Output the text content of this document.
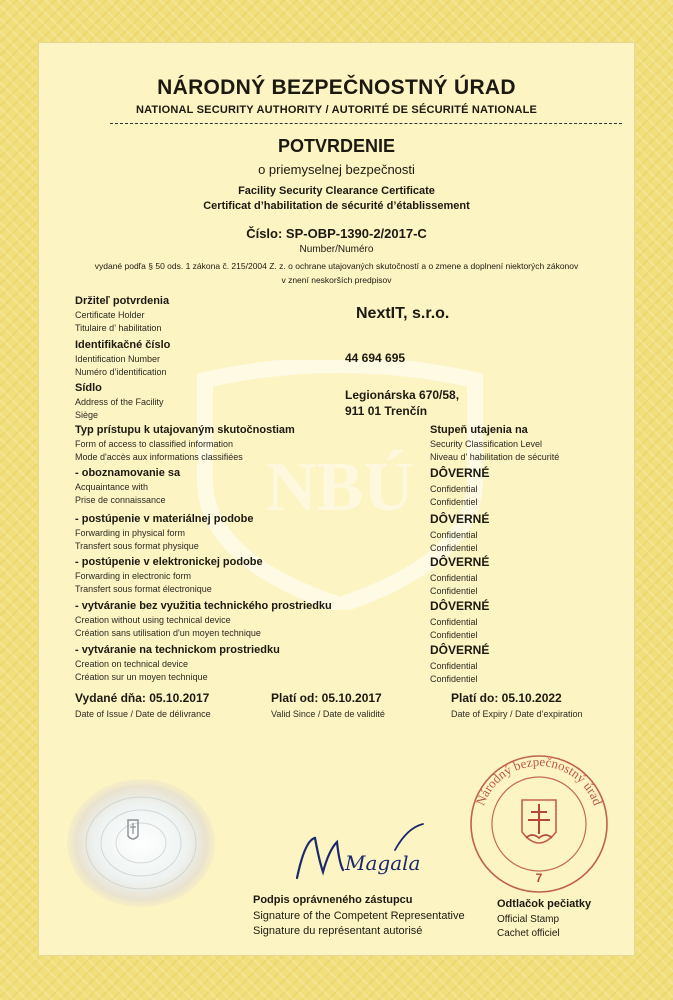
NBÚ
NÁRODNÝ BEZPEČNOSTNÝ ÚRAD
NATIONAL SECURITY AUTHORITY / AUTORITÉ DE SÉCURITÉ NATIONALE
POTVRDENIE
o priemyselnej bezpečnosti
Facility Security Clearance Certificate
Certificat d’habilitation de sécurité d’établissement
Číslo: SP-OBP-1390-2/2017-C
Number/Numéro
vydané podľa § 50 ods. 1 zákona č. 215/2004 Z. z. o ochrane utajovaných skutočností a o zmene a doplnení niektorých zákonov
v znení neskorších predpisov
Držiteľ potvrdenia
Certificate Holder
Titulaire d’ habilitation
NextIT, s.r.o.
Identifikačné číslo
Identification Number
Numéro d’identification
44 694 695
Sídlo
Address of the Facility
Siège
Legionárska 670/58,
911 01 Trenčín
Typ prístupu k utajovaným skutočnostiam
Form of access to classified information
Mode d'accès aux informations classifiées
Stupeň utajenia na
Security Classification Level
Niveau d' habilitation de sécurité
- oboznamovanie sa
Acquaintance with
Prise de connaissance
DÔVERNÉ
Confidential
Confidentiel
- postúpenie v materiálnej podobe
Forwarding in physical form
Transfert sous format physique
DÔVERNÉ
Confidential
Confidentiel
- postúpenie v elektronickej podobe
Forwarding in electronic form
Transfert sous format électronique
DÔVERNÉ
Confidential
Confidentiel
- vytváranie bez využitia technického prostriedku
Creation without using technical device
Création sans utilisation d'un moyen technique
DÔVERNÉ
Confidential
Confidentiel
- vytváranie na technickom prostriedku
Creation on technical device
Création sur un moyen technique
DÔVERNÉ
Confidential
Confidentiel
Vydané dňa: 05.10.2017
Date of Issue / Date de délivrance
Platí od: 05.10.2017
Valid Since / Date de validité
Platí do: 05.10.2022
Date of Expiry / Date d’expiration
Magala
Podpis oprávneného zástupcu
Signature of the Competent Representative
Signature du représentant autorisé
Národný bezpečnostný úrad
7
Odtlačok pečiatky
Official Stamp
Cachet officiel
